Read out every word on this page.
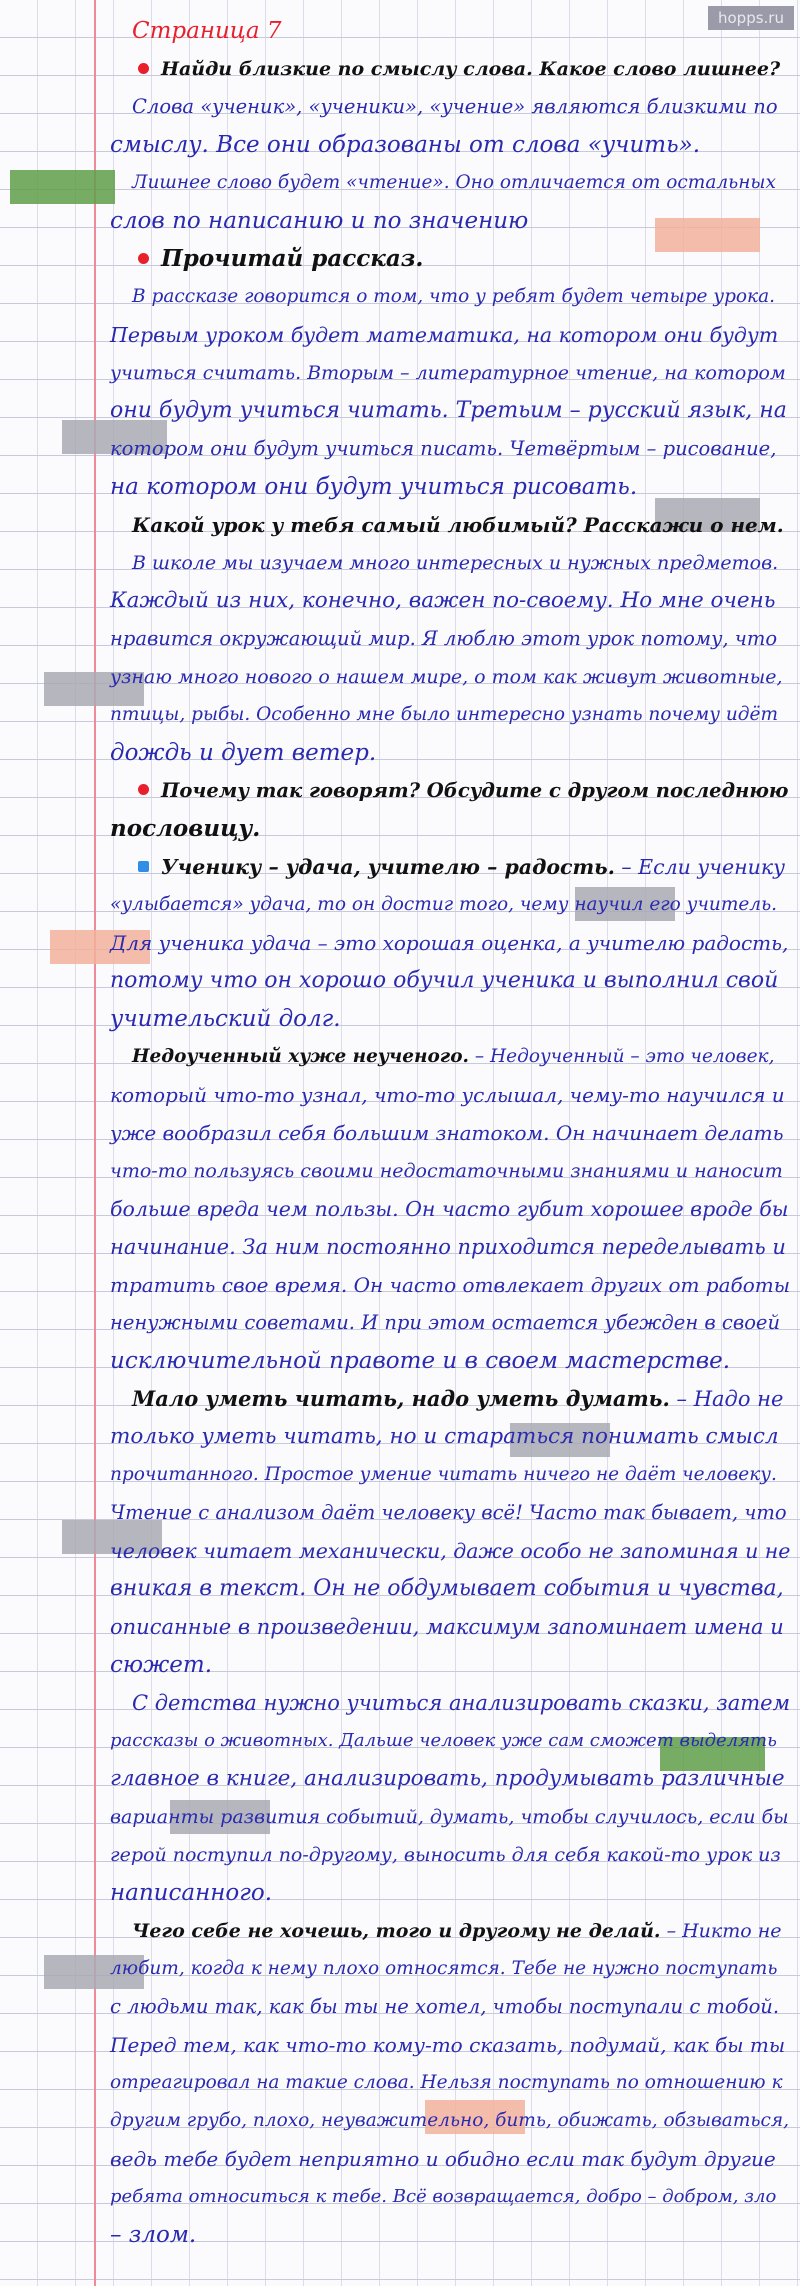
hopps.ru
Страница 7
Найди близкие по смыслу слова. Какое слово лишнее?
Слова «ученик», «ученики», «учение» являются близкими по
смыслу. Все они образованы от слова «учить».
Лишнее слово будет «чтение». Оно отличается от остальных
слов по написанию и по значению
Прочитай рассказ.
В рассказе говорится о том, что у ребят будет четыре урока.
Первым уроком будет математика, на котором они будут
учиться считать. Вторым – литературное чтение, на котором
они будут учиться читать. Третьим – русский язык, на
котором они будут учиться писать. Четвёртым – рисование,
на котором они будут учиться рисовать.
Какой урок у тебя самый любимый? Расскажи о нем.
В школе мы изучаем много интересных и нужных предметов.
Каждый из них, конечно, важен по-своему. Но мне очень
нравится окружающий мир. Я люблю этот урок потому, что
узнаю много нового о нашем мире, о том как живут животные,
птицы, рыбы. Особенно мне было интересно узнать почему идёт
дождь и дует ветер.
Почему так говорят? Обсудите с другом последнюю
пословицу.
Ученику – удача, учителю – радость. – Если ученику
«улыбается» удача, то он достиг того, чему научил его учитель.
Для ученика удача – это хорошая оценка, а учителю радость,
потому что он хорошо обучил ученика и выполнил свой
учительский долг.
Недоученный хуже неученого. – Недоученный – это человек,
который что-то узнал, что-то услышал, чему-то научился и
уже вообразил себя большим знатоком. Он начинает делать
что-то пользуясь своими недостаточными знаниями и наносит
больше вреда чем пользы. Он часто губит хорошее вроде бы
начинание. За ним постоянно приходится переделывать и
тратить свое время. Он часто отвлекает других от работы
ненужными советами. И при этом остается убежден в своей
исключительной правоте и в своем мастерстве.
Мало уметь читать, надо уметь думать. – Надо не
только уметь читать, но и стараться понимать смысл
прочитанного. Простое умение читать ничего не даёт человеку.
Чтение с анализом даёт человеку всё! Часто так бывает, что
человек читает механически, даже особо не запоминая и не
вникая в текст. Он не обдумывает события и чувства,
описанные в произведении, максимум запоминает имена и
сюжет.
С детства нужно учиться анализировать сказки, затем
рассказы о животных. Дальше человек уже сам сможет выделять
главное в книге, анализировать, продумывать различные
варианты развития событий, думать, чтобы случилось, если бы
герой поступил по-другому, выносить для себя какой-то урок из
написанного.
Чего себе не хочешь, того и другому не делай. – Никто не
любит, когда к нему плохо относятся. Тебе не нужно поступать
с людьми так, как бы ты не хотел, чтобы поступали с тобой.
Перед тем, как что-то кому-то сказать, подумай, как бы ты
отреагировал на такие слова. Нельзя поступать по отношению к
другим грубо, плохо, неуважительно, бить, обижать, обзываться,
ведь тебе будет неприятно и обидно если так будут другие
ребята относиться к тебе. Всё возвращается, добро – добром, зло
– злом.
